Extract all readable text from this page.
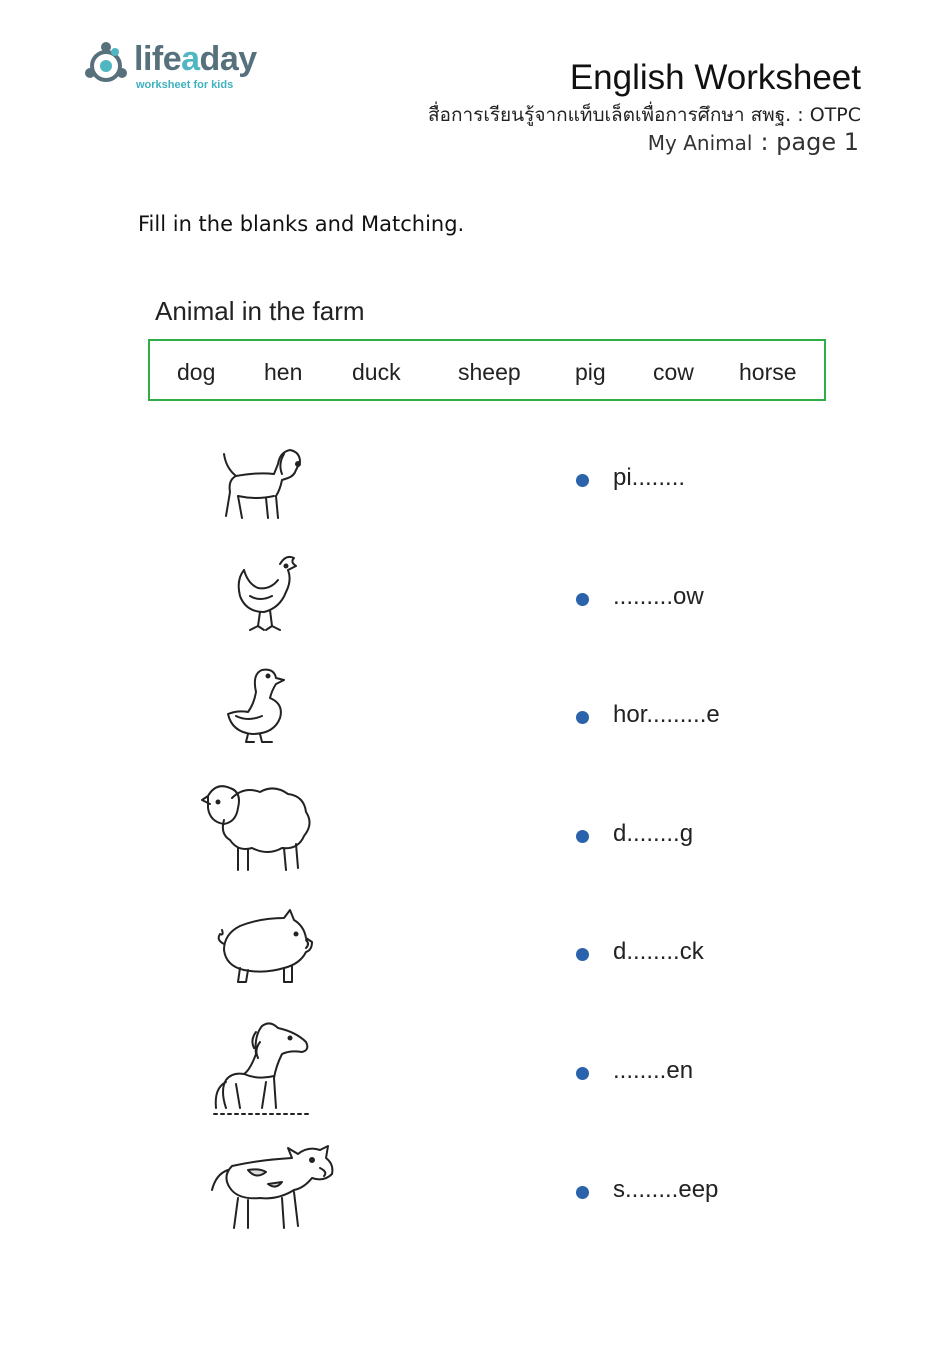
lifeaday
worksheet for kids	English Worksheet
สื่อการเรียนรู้จากแท็บเล็ตเพื่อการศึกษา สพฐ. : OTPC
My Animal : page 1
Fill in the blanks and Matching.
Animal in the farm
dog hen duck sheep pig cow horse
pi........
.........ow
hor.........e
d........g
d........ck
........en
s........eep
